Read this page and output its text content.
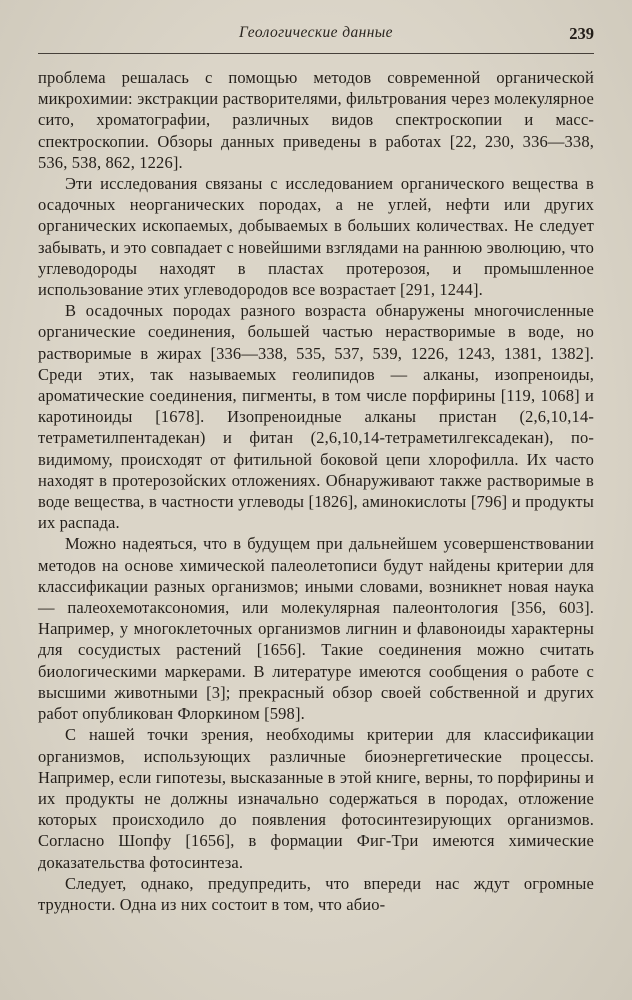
Геологические данные	239

проблема решалась с помощью методов современной органической микрохимии: экстракции растворителями, фильтрования через молекулярное сито, хроматографии, различных видов спектроскопии и масс-спектроскопии. Обзоры данных приведены в работах [22, 230, 336—338, 536, 538, 862, 1226].

Эти исследования связаны с исследованием органического вещества в осадочных неорганических породах, а не углей, нефти или других органических ископаемых, добываемых в больших количествах. Не следует забывать, и это совпадает с новейшими взглядами на раннюю эволюцию, что углеводороды находят в пластах протерозоя, и промышленное использование этих углеводородов все возрастает [291, 1244].

В осадочных породах разного возраста обнаружены многочисленные органические соединения, большей частью нерастворимые в воде, но растворимые в жирах [336—338, 535, 537, 539, 1226, 1243, 1381, 1382]. Среди этих, так называемых геолипидов — алканы, изопреноиды, ароматические соединения, пигменты, в том числе порфирины [119, 1068] и каротиноиды [1678]. Изопреноидные алканы пристан (2,6,10,14-тетраметилпентадекан) и фитан (2,6,10,14-тетраметилгексадекан), по-видимому, происходят от фитильной боковой цепи хлорофилла. Их часто находят в протерозойских отложениях. Обнаруживают также растворимые в воде вещества, в частности углеводы [1826], аминокислоты [796] и продукты их распада.

Можно надеяться, что в будущем при дальнейшем усовершенствовании методов на основе химической палеолетописи будут найдены критерии для классификации разных организмов; иными словами, возникнет новая наука — палеохемотаксономия, или молекулярная палеонтология [356, 603]. Например, у многоклеточных организмов лигнин и флавоноиды характерны для сосудистых растений [1656]. Такие соединения можно считать биологическими маркерами. В литературе имеются сообщения о работе с высшими животными [3]; прекрасный обзор своей собственной и других работ опубликован Флоркином [598].

С нашей точки зрения, необходимы критерии для классификации организмов, использующих различные биоэнергетические процессы. Например, если гипотезы, высказанные в этой книге, верны, то порфирины и их продукты не должны изначально содержаться в породах, отложение которых происходило до появления фотосинтезирующих организмов. Согласно Шопфу [1656], в формации Фиг-Три имеются химические доказательства фотосинтеза.

Следует, однако, предупредить, что впереди нас ждут огромные трудности. Одна из них состоит в том, что абио-
